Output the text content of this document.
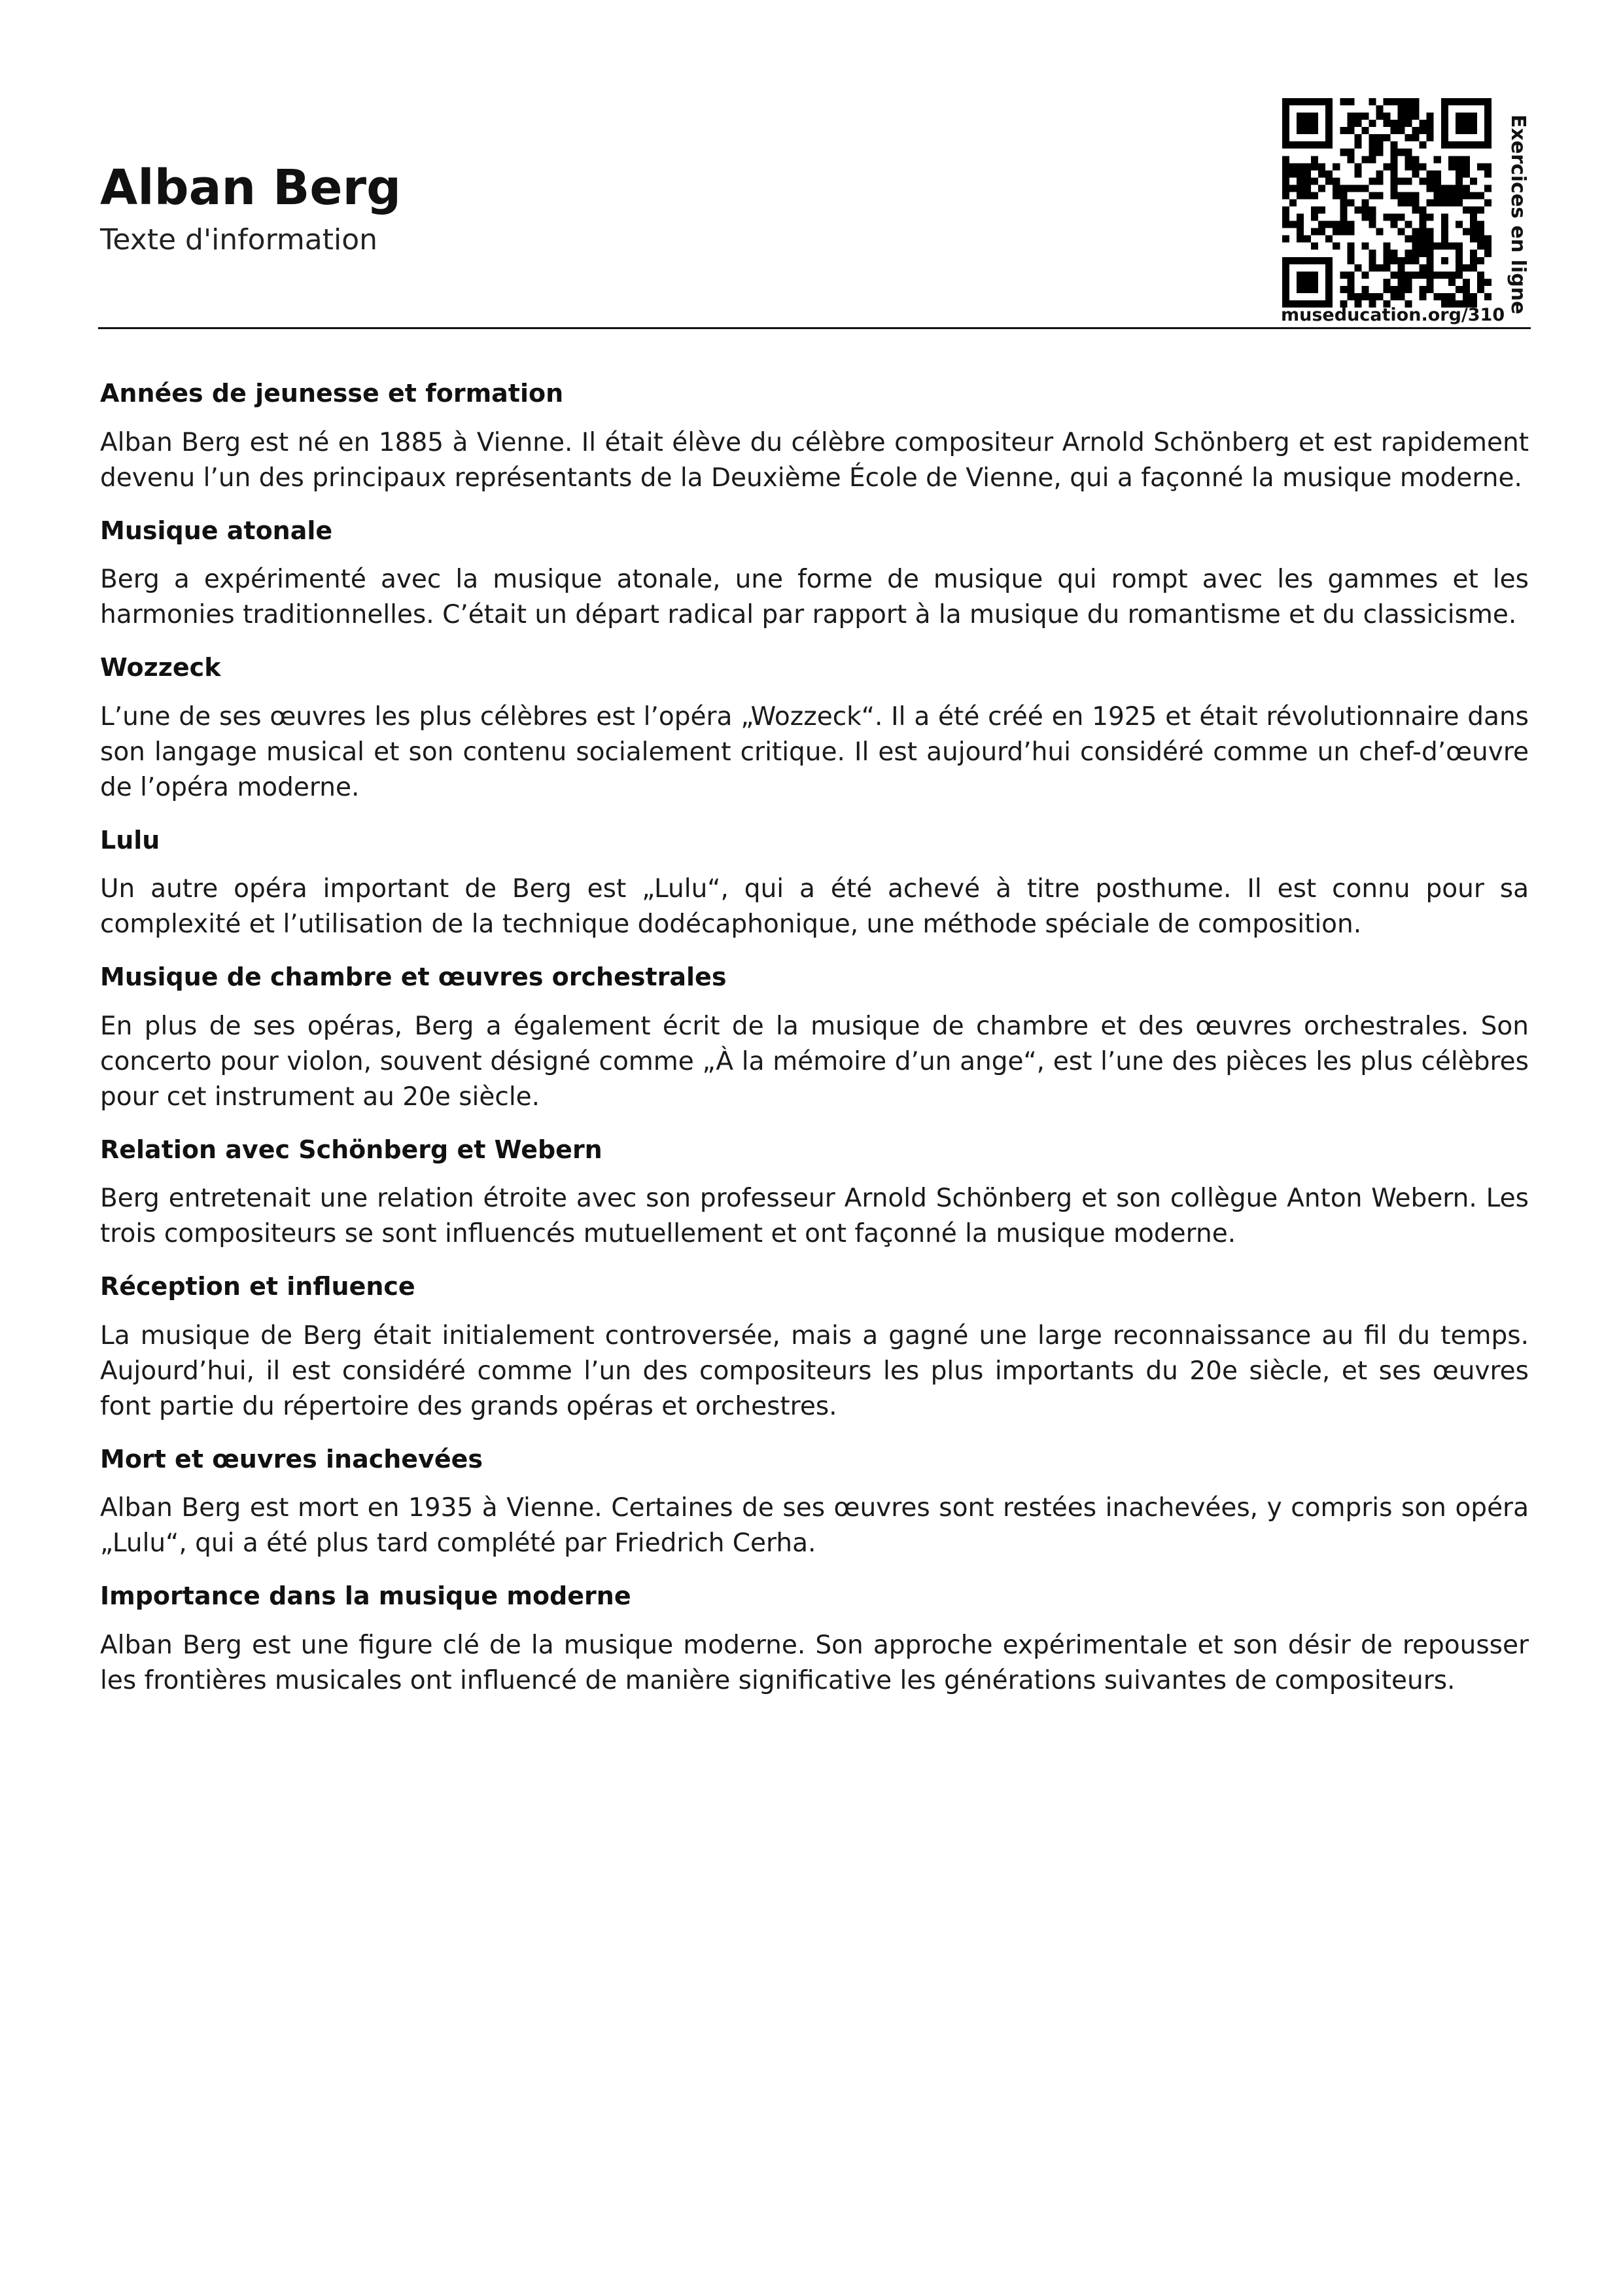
Alban Berg
Texte d'information	Exercices en ligne
museducation.org/310
Années de jeunesse et formation

Alban Berg est né en 1885 à Vienne. Il était élève du célèbre compositeur Arnold Schönberg et est rapidement devenu l’un des principaux représentants de la Deuxième École de Vienne, qui a façonné la musique moderne.

Musique atonale

Berg a expérimenté avec la musique atonale, une forme de musique qui rompt avec les gammes et les harmonies traditionnelles. C’était un départ radical par rapport à la musique du romantisme et du classicisme.

Wozzeck

L’une de ses œuvres les plus célèbres est l’opéra „Wozzeck“. Il a été créé en 1925 et était révolutionnaire dans son langage musical et son contenu socialement critique. Il est aujourd’hui considéré comme un chef-d’œuvre de l’opéra moderne.

Lulu

Un autre opéra important de Berg est „Lulu“, qui a été achevé à titre posthume. Il est connu pour sa complexité et l’utilisation de la technique dodécaphonique, une méthode spéciale de composition.

Musique de chambre et œuvres orchestrales

En plus de ses opéras, Berg a également écrit de la musique de chambre et des œuvres orchestrales. Son concerto pour violon, souvent désigné comme „À la mémoire d’un ange“, est l’une des pièces les plus célèbres pour cet instrument au 20e siècle.

Relation avec Schönberg et Webern

Berg entretenait une relation étroite avec son professeur Arnold Schönberg et son collègue Anton Webern. Les trois compositeurs se sont influencés mutuellement et ont façonné la musique moderne.

Réception et influence

La musique de Berg était initialement controversée, mais a gagné une large reconnaissance au fil du temps. Aujourd’hui, il est considéré comme l’un des compositeurs les plus importants du 20e siècle, et ses œuvres font partie du répertoire des grands opéras et orchestres.

Mort et œuvres inachevées

Alban Berg est mort en 1935 à Vienne. Certaines de ses œuvres sont restées inachevées, y compris son opéra „Lulu“, qui a été plus tard complété par Friedrich Cerha.

Importance dans la musique moderne

Alban Berg est une figure clé de la musique moderne. Son approche expérimentale et son désir de repousser les frontières musicales ont influencé de manière significative les générations suivantes de compositeurs.
